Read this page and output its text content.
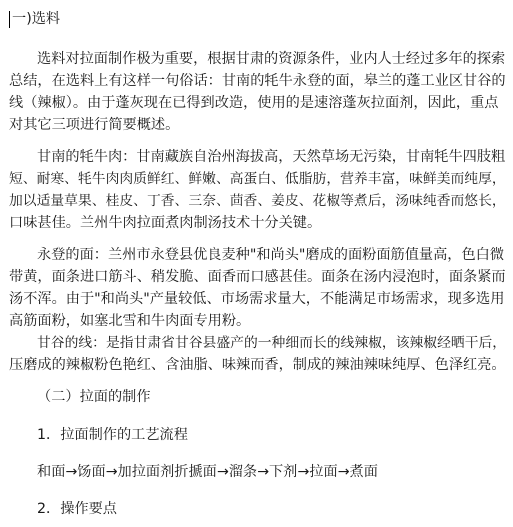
一)选料
选料对拉面制作极为重要，根据甘肃的资源条件，业内人士经过多年的探索
总结，在选料上有这样一句俗话：甘南的牦牛永登的面，皋兰的蓬工业区甘谷的
线（辣椒）。由于蓬灰现在已得到改造，使用的是速溶蓬灰拉面剂，因此，重点
对其它三项进行简要概述。
甘南的牦牛肉：甘南藏族自治州海拔高，天然草场无污染，甘南牦牛四肢粗
短、耐寒、牦牛肉肉质鲜红、鲜嫩、高蛋白、低脂肪，营养丰富，味鲜美而纯厚，
加以适量草果、桂皮、丁香、三奈、茴香、姜皮、花椒等煮后，汤味纯香而悠长，
口味甚佳。兰州牛肉拉面煮肉制汤技术十分关键。
永登的面：兰州市永登县优良麦种"和尚头"磨成的面粉面筋值量高，色白微
带黄，面条进口筋斗、稍发脆、面香而口感甚佳。面条在汤内浸泡时，面条紧而
汤不浑。由于"和尚头"产量较低、市场需求量大，不能满足市场需求，现多选用
高筋面粉，如塞北雪和牛肉面专用粉。
甘谷的线：是指甘肃省甘谷县盛产的一种细而长的线辣椒，该辣椒经晒干后，
压磨成的辣椒粉色艳红、含油脂、味辣而香，制成的辣油辣味纯厚、色泽红亮。
（二）拉面的制作
1．拉面制作的工艺流程
和面→饧面→加拉面剂折搋面→溜条→下剂→拉面→煮面
2．操作要点
